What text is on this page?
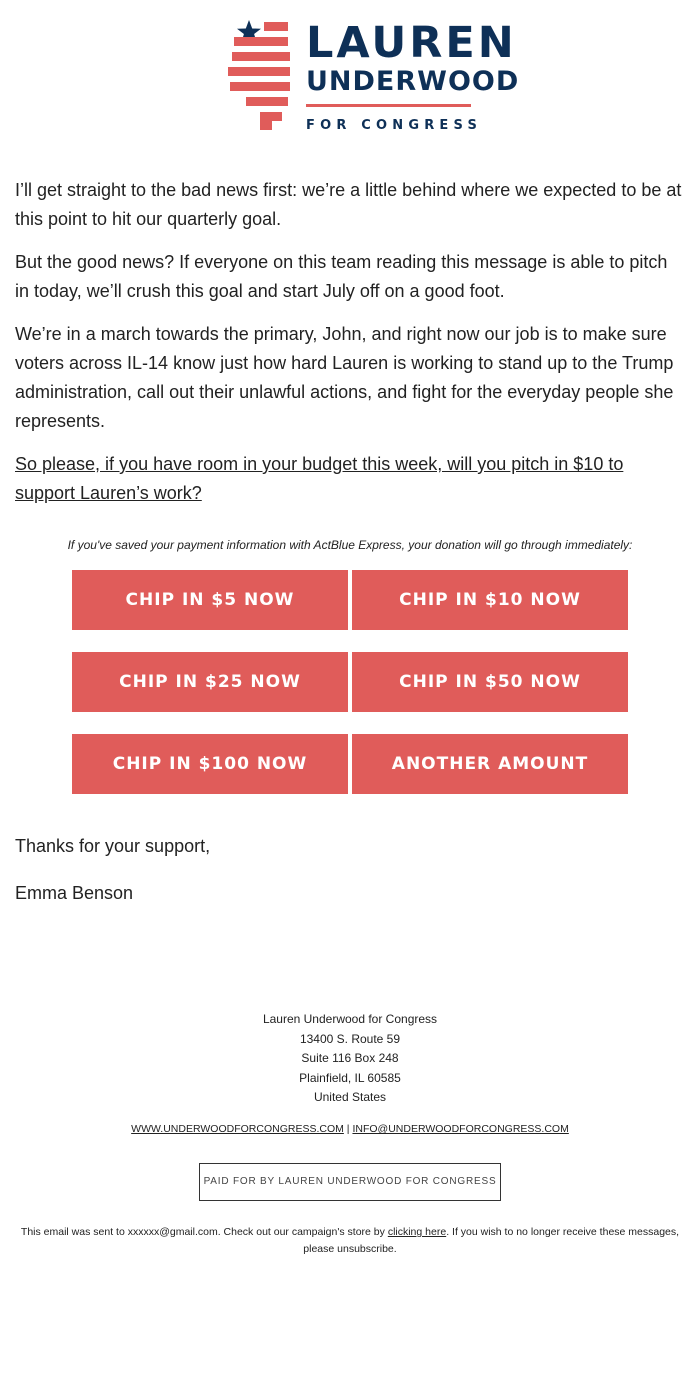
LAUREN
UNDERWOOD
FOR CONGRESS

I’ll get straight to the bad news first: we’re a little behind where we expected to be at this point to hit our quarterly goal.

But the good news? If everyone on this team reading this message is able to pitch in today, we’ll crush this goal and start July off on a good foot.

We’re in a march towards the primary, John, and right now our job is to make sure voters across IL-14 know just how hard Lauren is working to stand up to the Trump administration, call out their unlawful actions, and fight for the everyday people she represents.

So please, if you have room in your budget this week, will you pitch in $10 to support Lauren’s work?

If you've saved your payment information with ActBlue Express, your donation will go through immediately:
CHIP IN $5 NOW	CHIP IN $10 NOW
CHIP IN $25 NOW	CHIP IN $50 NOW
CHIP IN $100 NOW	ANOTHER AMOUNT

Thanks for your support,

Emma Benson

Lauren Underwood for Congress
13400 S. Route 59
Suite 116 Box 248
Plainfield, IL 60585
United States
WWW.UNDERWOODFORCONGRESS.COM | INFO@UNDERWOODFORCONGRESS.COM
PAID FOR BY LAUREN UNDERWOOD FOR CONGRESS
This email was sent to xxxxxx@gmail.com. Check out our campaign's store by clicking here. If you wish to no longer receive these messages, please unsubscribe.
